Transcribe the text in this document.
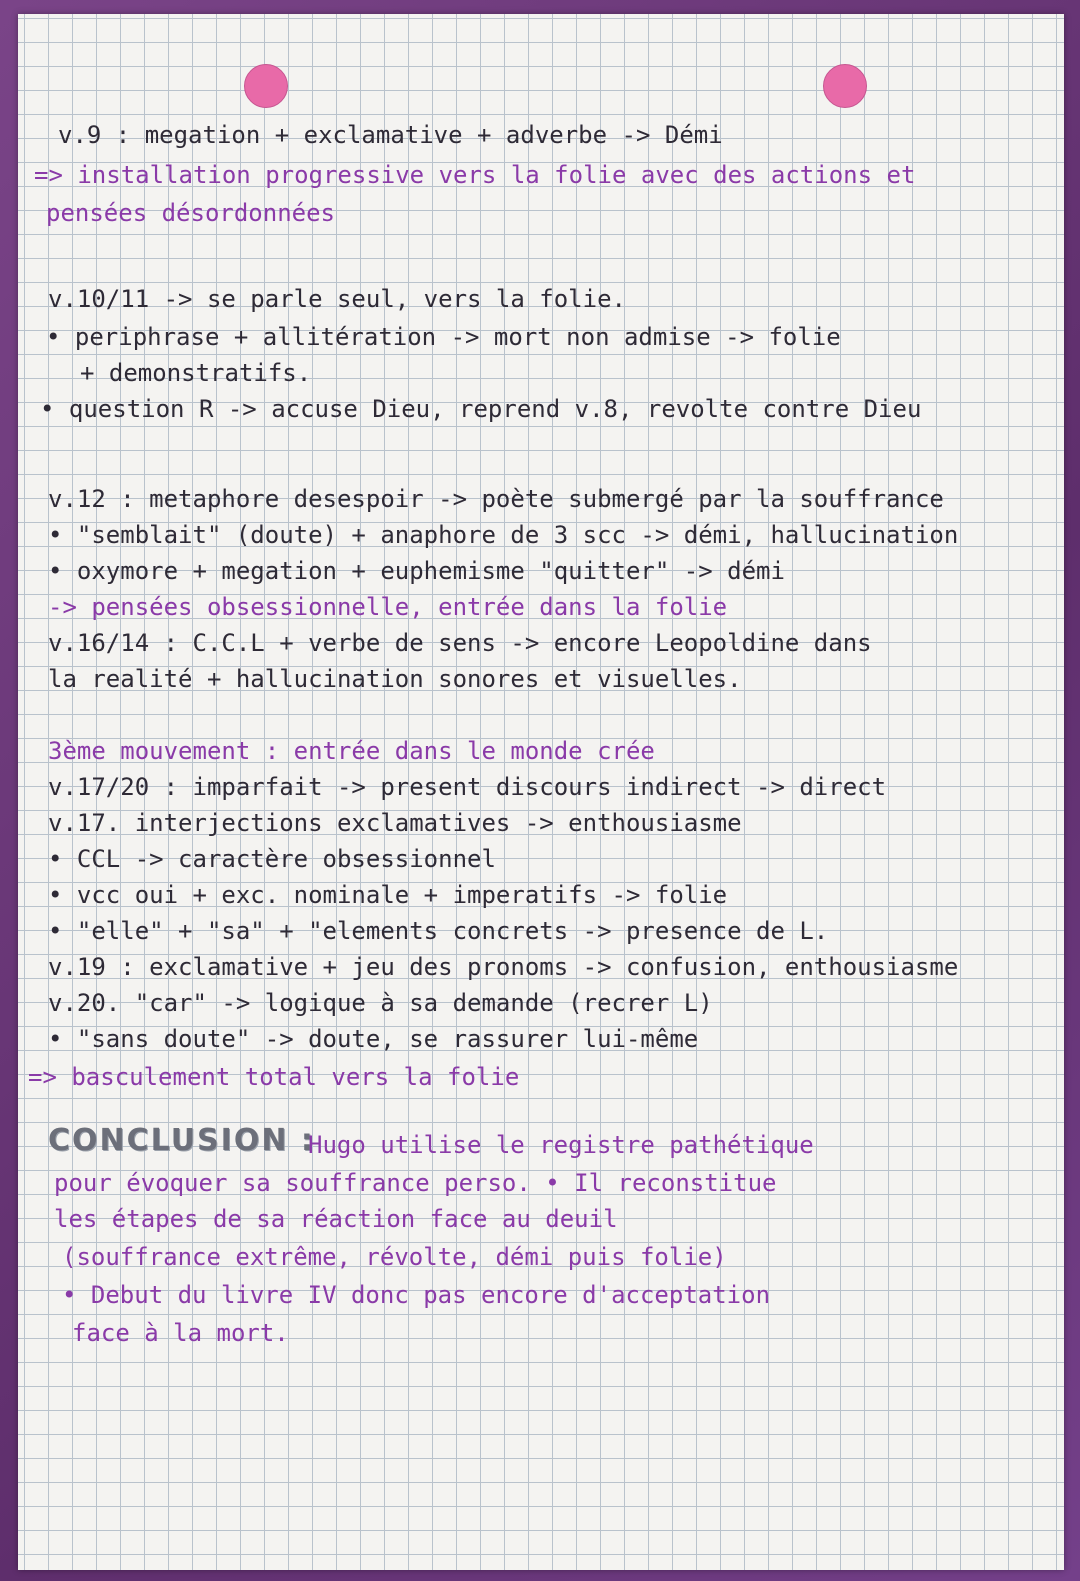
v.9 : megation + exclamative + adverbe -> Démi
=> installation progressive vers la folie avec des actions et
pensées désordonnées
v.10/11 -> se parle seul, vers la folie.
• periphrase + allitération -> mort non admise -> folie
+ demonstratifs.
• question R -> accuse Dieu, reprend v.8, revolte contre Dieu
v.12 : metaphore desespoir -> poète submergé par la souffrance
• "semblait" (doute) + anaphore de 3 scc -> démi, hallucination
• oxymore + megation + euphemisme "quitter" -> démi
-> pensées obsessionnelle, entrée dans la folie
v.16/14 : C.C.L + verbe de sens -> encore Leopoldine dans
la realité + hallucination sonores et visuelles.
3ème mouvement : entrée dans le monde crée
v.17/20 : imparfait -> present discours indirect -> direct
v.17. interjections exclamatives -> enthousiasme
• CCL -> caractère obsessionnel
• vcc oui + exc. nominale + imperatifs -> folie
• "elle" + "sa" + "elements concrets -> presence de L.
v.19 : exclamative + jeu des pronoms -> confusion, enthousiasme
v.20. "car" -> logique à sa demande (recrer L)
• "sans doute" -> doute, se rassurer lui-même
=> basculement total vers la folie
CONCLUSION :
Hugo utilise le registre pathétique
pour évoquer sa souffrance perso. • Il reconstitue
les étapes de sa réaction face au deuil
(souffrance extrême, révolte, démi puis folie)
• Debut du livre IV donc pas encore d'acceptation
face à la mort.
